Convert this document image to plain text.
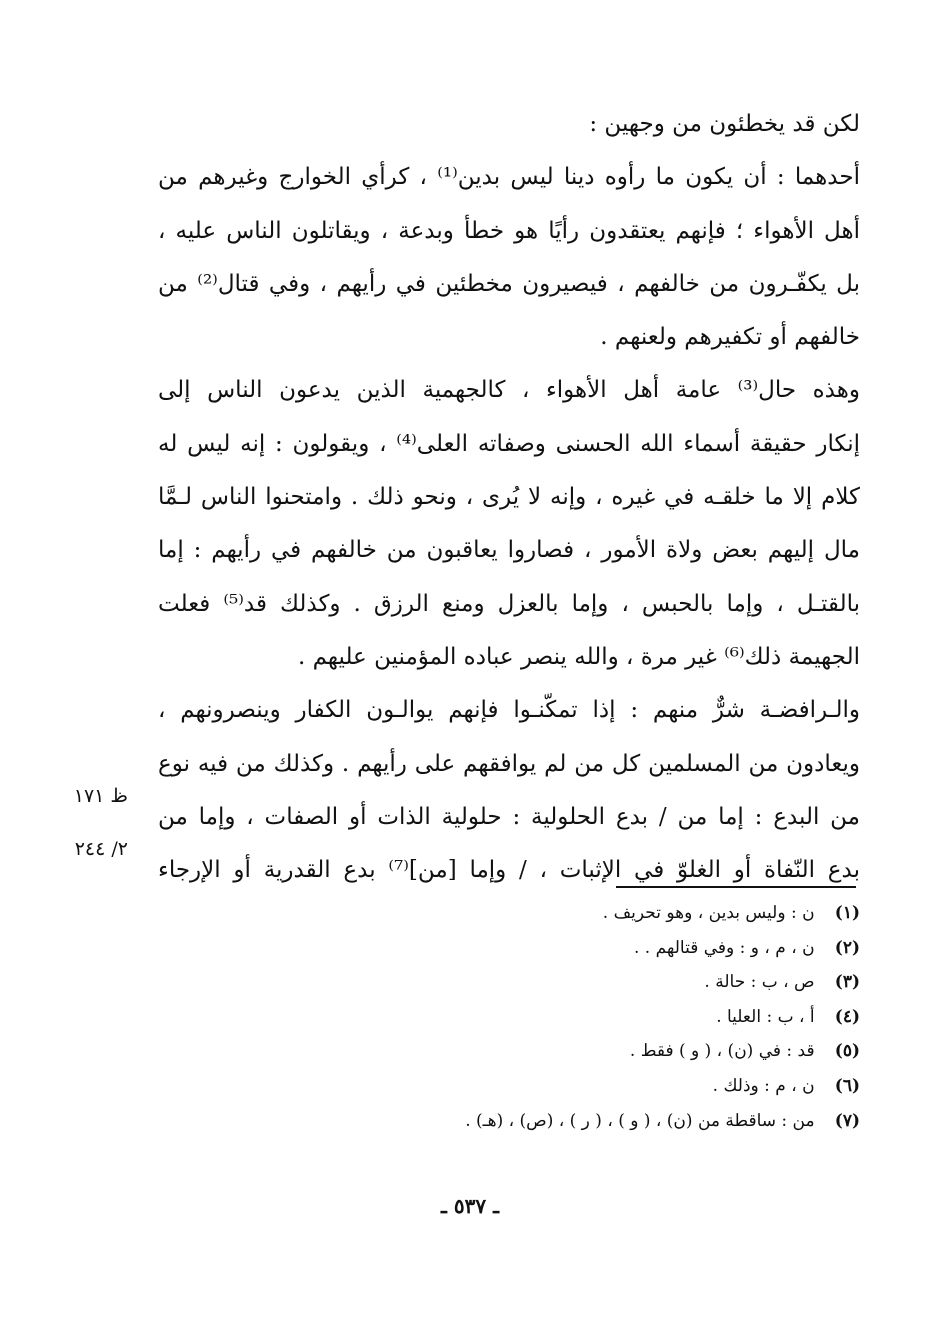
لكن قد يخطئون من وجهين :
أحدهما : أن يكون ما رأوه دينا ليس بدين⁽¹⁾ ، كرأي الخوارج وغيرهم من
أهل الأهواء ؛ فإنهم يعتقدون رأيًا هو خطأ وبدعة ، ويقاتلون الناس عليه ،
بل يكفّـرون من خالفهم ، فيصيرون مخطئين في رأيهم ، وفي قتال⁽²⁾ من
خالفهم أو تكفيرهم ولعنهم .
وهذه حال⁽³⁾ عامة أهل الأهواء ، كالجهمية الذين يدعون الناس إلى
إنكار حقيقة أسماء الله الحسنى وصفاته العلى⁽⁴⁾ ، ويقولون : إنه ليس له
كلام إلا ما خلقـه في غيره ، وإنه لا يُرى ، ونحو ذلك . وامتحنوا الناس لـمَّا
مال إليهم بعض ولاة الأمور ، فصاروا يعاقبون من خالفهم في رأيهم : إما
بالقتـل ، وإما بالحبس ، وإما بالعزل ومنع الرزق . وكذلك قد⁽⁵⁾ فعلت
الجهيمة ذلك⁽⁶⁾ غير مرة ، والله ينصر عباده المؤمنين عليهم .
والـرافضـة شرٌّ منهم : إذا تمكّنـوا فإنهم يوالـون الكفار وينصرونهم ،
ويعادون من المسلمين كل من لم يوافقهم على رأيهم . وكذلك من فيه نوع
من البدع : إما من / بدع الحلولية : حلولية الذات أو الصفات ، وإما من
بدع النّفاة أو الغلوّ في الإثبات ، / وإما [من]⁽⁷⁾ بدع القدرية أو الإرجاء
ظ ١٧١
٢/ ٢٤٤
(١) ن : وليس بدين ، وهو تحريف .
(٢) ن ، م ، و : وفي قتالهم . .
(٣) ص ، ب : حالة .
(٤) أ ، ب : العليا .
(٥) قد : في (ن) ، ( و ) فقط .
(٦) ن ، م : وذلك .
(٧) من : ساقطة من (ن) ، ( و ) ، ( ر ) ، (ص) ، (هـ) .
ـ ٥٣٧ ـ
